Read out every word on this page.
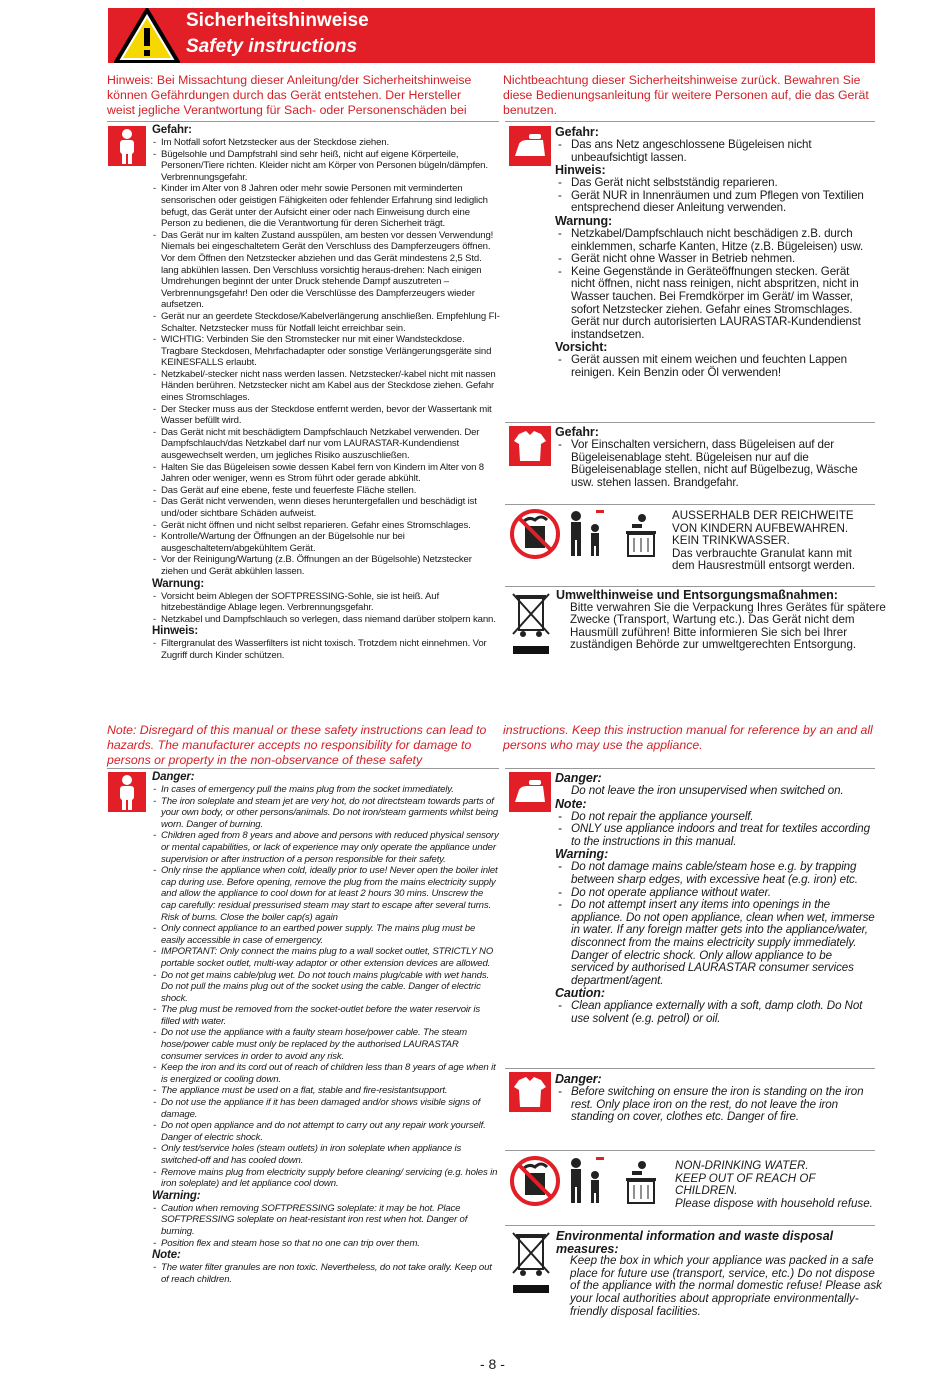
Sicherheitshinweise
Safety instructions
Hinweis: Bei Missachtung dieser Anleitung/der Sicherheitshinweise können Gefährdungen durch das Gerät entstehen. Der Hersteller weist jegliche Verantwortung für Sach- oder Personenschäden bei
Nichtbeachtung dieser Sicherheitshinweise zurück. Bewahren Sie diese Bedienungsanleitung für weitere Personen auf, die das Gerät benutzen.
Gefahr:
- Im Notfall sofort Netzstecker aus der Steckdose ziehen.
- Bügelsohle und Dampfstrahl sind sehr heiß, nicht auf eigene Körperteile, Personen/Tiere richten. Kleider nicht am Körper von Personen bügeln/dämpfen. Verbrennungsgefahr.
- Kinder im Alter von 8 Jahren oder mehr sowie Personen mit verminderten sensorischen oder geistigen Fähigkeiten oder fehlender Erfahrung sind lediglich befugt, das Gerät unter der Aufsicht einer oder nach Einweisung durch eine Person zu bedienen, die die Verantwortung für deren Sicherheit trägt.
- Das Gerät nur im kalten Zustand ausspülen, am besten vor dessen Verwendung! Niemals bei eingeschaltetem Gerät den Verschluss des Dampferzeugers öffnen. Vor dem Öffnen den Netzstecker abziehen und das Gerät mindestens 2,5 Std. lang abkühlen lassen. Den Verschluss vorsichtig heraus-drehen: Nach einigen Umdrehungen beginnt der unter Druck stehende Dampf auszutreten – Verbrennungsgefahr! Den oder die Verschlüsse des Dampferzeugers wieder aufsetzen.
- Gerät nur an geerdete Steckdose/Kabelverlängerung anschließen. Empfehlung FI-Schalter. Netzstecker muss für Notfall leicht erreichbar sein.
- WICHTIG: Verbinden Sie den Stromstecker nur mit einer Wandsteckdose. Tragbare Steckdosen, Mehrfachadapter oder sonstige Verlängerungsgeräte sind KEINESFALLS erlaubt.
- Netzkabel/-stecker nicht nass werden lassen. Netzstecker/-kabel nicht mit nassen Händen berühren. Netzstecker nicht am Kabel aus der Steckdose ziehen. Gefahr eines Stromschlages.
- Der Stecker muss aus der Steckdose entfernt werden, bevor der Wassertank mit Wasser befüllt wird.
- Das Gerät nicht mit beschädigtem Dampfschlauch Netzkabel verwenden. Der Dampfschlauch/das Netzkabel darf nur vom LAURASTAR-Kundendienst ausgewechselt werden, um jegliches Risiko auszuschließen.
- Halten Sie das Bügeleisen sowie dessen Kabel fern von Kindern im Alter von 8 Jahren oder weniger, wenn es Strom führt oder gerade abkühlt.
- Das Gerät auf eine ebene, feste und feuerfeste Fläche stellen.
- Das Gerät nicht verwenden, wenn dieses heruntergefallen und beschädigt ist und/oder sichtbare Schäden aufweist.
- Gerät nicht öffnen und nicht selbst reparieren. Gefahr eines Stromschlages.
- Kontrolle/Wartung der Öffnungen an der Bügelsohle nur bei ausgeschaltetem/abgekühltem Gerät.
- Vor der Reinigung/Wartung (z.B. Öffnungen an der Bügelsohle) Netzstecker ziehen und Gerät abkühlen lassen.
Warnung:
- Vorsicht beim Ablegen der SOFTPRESSING-Sohle, sie ist heiß. Auf hitzebeständige Ablage legen. Verbrennungsgefahr.
- Netzkabel und Dampfschlauch so verlegen, dass niemand darüber stolpern kann.
Hinweis:
- Filtergranulat des Wasserfilters ist nicht toxisch. Trotzdem nicht einnehmen. Vor Zugriff durch Kinder schützen.
Gefahr:
- Das ans Netz angeschlossene Bügeleisen nicht unbeaufsichtigt lassen.
Hinweis:
- Das Gerät nicht selbstständig reparieren.
- Gerät NUR in Innenräumen und zum Pflegen von Textilien entsprechend dieser Anleitung verwenden.
Warnung:
- Netzkabel/Dampfschlauch nicht beschädigen z.B. durch einklemmen, scharfe Kanten, Hitze (z.B. Bügeleisen) usw.
- Gerät nicht ohne Wasser in Betrieb nehmen.
- Keine Gegenstände in Geräteöffnungen stecken. Gerät nicht öffnen, nicht nass reinigen, nicht abspritzen, nicht in Wasser tauchen. Bei Fremdkörper im Gerät/ im Wasser, sofort Netzstecker ziehen. Gefahr eines Stromschlages. Gerät nur durch autorisierten LAURASTAR-Kundendienst instandsetzen.
Vorsicht:
- Gerät aussen mit einem weichen und feuchten Lappen reinigen. Kein Benzin oder Öl verwenden!
Gefahr:
- Vor Einschalten versichern, dass Bügeleisen auf der Bügeleisenablage steht. Bügeleisen nur auf die Bügeleisenablage stellen, nicht auf Bügelbezug, Wäsche usw. stehen lassen. Brandgefahr.
AUSSERHALB DER REICHWEITE
VON KINDERN AUFBEWAHREN.
KEIN TRINKWASSER.
Das verbrauchte Granulat kann mit
dem Hausrestmüll entsorgt werden.
Umwelthinweise und Entsorgungsmaßnahmen:
Bitte verwahren Sie die Verpackung Ihres Gerätes für spätere Zwecke (Transport, Wartung etc.). Das Gerät nicht dem Hausmüll zuführen! Bitte informieren Sie sich bei Ihrer zuständigen Behörde zur umweltgerechten Entsorgung.
Note: Disregard of this manual or these safety instructions can lead to hazards. The manufacturer accepts no responsibility for damage to persons or property in the non-observance of these safety
instructions. Keep this instruction manual for reference by an and all persons who may use the appliance.
Danger:
- In cases of emergency pull the mains plug from the socket immediately.
- The iron soleplate and steam jet are very hot, do not directsteam towards parts of your own body, or other persons/animals. Do not iron/steam garments whilst being worn. Danger of burning.
- Children aged from 8 years and above and persons with reduced physical sensory or mental capabilities, or lack of experience may only operate the appliance under supervision or after instruction of a person responsible for their safety.
- Only rinse the appliance when cold, ideally prior to use! Never open the boiler inlet cap during use. Before opening, remove the plug from the mains electricity supply and allow the appliance to cool down for at least 2 hours 30 mins. Unscrew the cap carefully: residual pressurised steam may start to escape after several turns. Risk of burns. Close the boiler cap(s) again
- Only connect appliance to an earthed power supply. The mains plug must be easily accessible in case of emergency.
- IMPORTANT: Only connect the mains plug to a wall socket outlet, STRICTLY NO portable socket outlet, multi-way adaptor or other extension devices are allowed.
- Do not get mains cable/plug wet. Do not touch mains plug/cable with wet hands. Do not pull the mains plug out of the socket using the cable. Danger of electric shock.
- The plug must be removed from the socket-outlet before the water reservoir is filled with water.
- Do not use the appliance with a faulty steam hose/power cable. The steam hose/power cable must only be replaced by the authorised LAURASTAR consumer services in order to avoid any risk.
- Keep the iron and its cord out of reach of children less than 8 years of age when it is energized or cooling down.
- The appliance must be used on a flat, stable and fire-resistantsupport.
- Do not use the appliance if it has been damaged and/or shows visible signs of damage.
- Do not open appliance and do not attempt to carry out any repair work yourself. Danger of electric shock.
- Only test/service holes (steam outlets) in iron soleplate when appliance is switched-off and has cooled down.
- Remove mains plug from electricity supply before cleaning/ servicing (e.g. holes in iron soleplate) and let appliance cool down.
Warning:
- Caution when removing SOFTPRESSING soleplate: it may be hot. Place SOFTPRESSING soleplate on heat-resistant iron rest when hot. Danger of burning.
- Position flex and steam hose so that no one can trip over them.
Note:
- The water filter granules are non toxic. Nevertheless, do not take orally. Keep out of reach children.
Danger:
Do not leave the iron unsupervised when switched on.
Note:
- Do not repair the appliance yourself.
- ONLY use appliance indoors and treat for textiles according to the instructions in this manual.
Warning:
- Do not damage mains cable/steam hose e.g. by trapping between sharp edges, with excessive heat (e.g. iron) etc.
- Do not operate appliance without water.
- Do not attempt insert any items into openings in the appliance. Do not open appliance, clean when wet, immerse in water. If any foreign matter gets into the appliance/water, disconnect from the mains electricity supply immediately. Danger of electric shock. Only allow appliance to be serviced by authorised LAURASTAR consumer services department/agent.
Caution:
- Clean appliance externally with a soft, damp cloth. Do Not use solvent (e.g. petrol) or oil.
Danger:
- Before switching on ensure the iron is standing on the iron rest. Only place iron on the rest, do not leave the iron standing on cover, clothes etc. Danger of fire.
NON-DRINKING WATER.
KEEP OUT OF REACH OF CHILDREN.
Please dispose with household refuse.
Environmental information and waste disposal measures:
Keep the box in which your appliance was packed in a safe place for future use (transport, service, etc.) Do not dispose of the appliance with the normal domestic refuse! Please ask your local authorities about appropriate environmentally-friendly disposal facilities.
- 8 -
